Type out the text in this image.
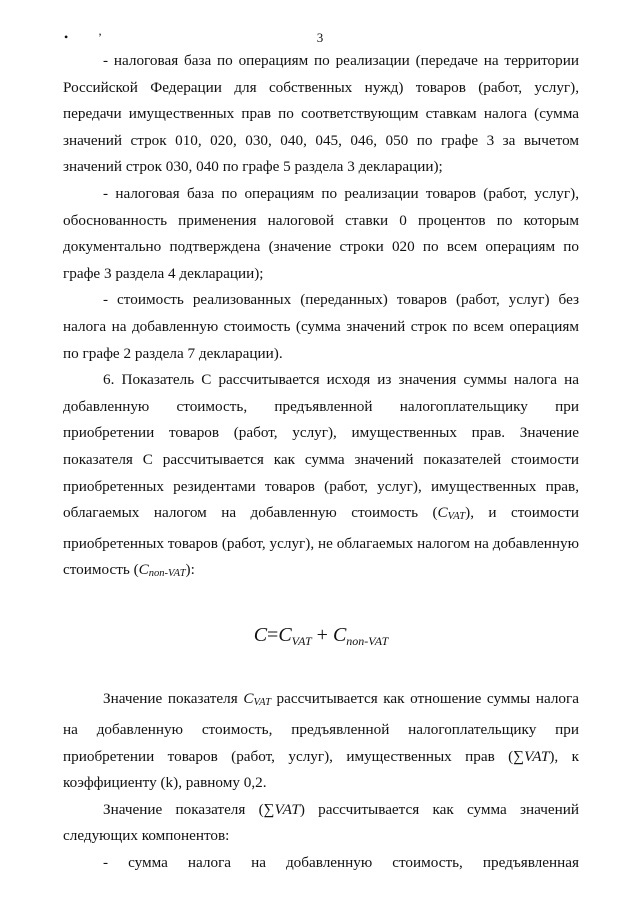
• ’	3

- налоговая база по операциям по реализации (передаче на территории Российской Федерации для собственных нужд) товаров (работ, услуг), передачи имущественных прав по соответствующим ставкам налога (сумма значений строк 010, 020, 030, 040, 045, 046, 050 по графе 3 за вычетом значений строк 030, 040 по графе 5 раздела 3 декларации);

- налоговая база по операциям по реализации товаров (работ, услуг), обоснованность применения налоговой ставки 0 процентов по которым документально подтверждена (значение строки 020 по всем операциям по графе 3 раздела 4 декларации);

- стоимость реализованных (переданных) товаров (работ, услуг) без налога на добавленную стоимость (сумма значений строк по всем операциям по графе 2 раздела 7 декларации).

6. Показатель С рассчитывается исходя из значения суммы налога на добавленную стоимость, предъявленной налогоплательщику при приобретении товаров (работ, услуг), имущественных прав. Значение показателя С рассчитывается как сумма значений показателей стоимости приобретенных резидентами товаров (работ, услуг), имущественных прав, облагаемых налогом на добавленную стоимость (CVAT), и стоимости приобретенных товаров (работ, услуг), не облагаемых налогом на добавленную стоимость (Cnon-VAT):

$C=C_{VAT} + C_{non-VAT}$

Значение показателя CVAT рассчитывается как отношение суммы налога на добавленную стоимость, предъявленной налогоплательщику при приобретении товаров (работ, услуг), имущественных прав (∑VAT), к коэффициенту (k), равному 0,2.

Значение показателя (∑VAT) рассчитывается как сумма значений следующих компонентов:

- сумма налога на добавленную стоимость, предъявленная
